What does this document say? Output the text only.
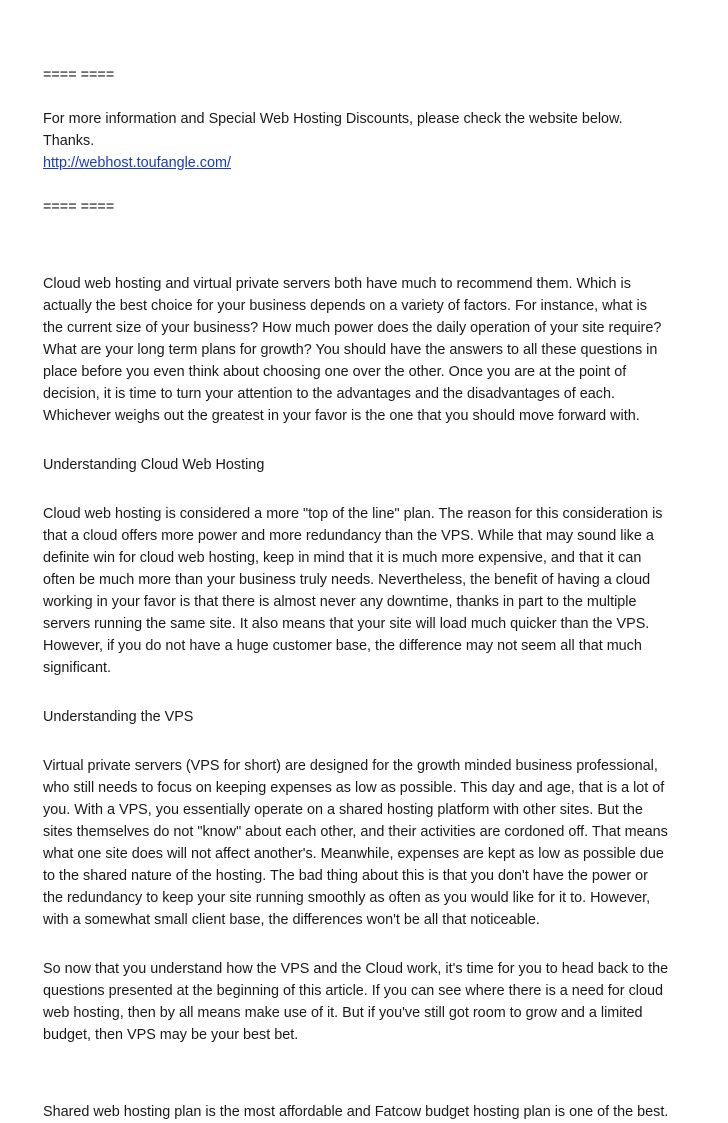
==== ====

For more information and Special Web Hosting Discounts, please check the website below.

Thanks.

http://webhost.toufangle.com/

==== ====

Cloud web hosting and virtual private servers both have much to recommend them. Which is

actually the best choice for your business depends on a variety of factors. For instance, what is

the current size of your business? How much power does the daily operation of your site require?

What are your long term plans for growth? You should have the answers to all these questions in

place before you even think about choosing one over the other. Once you are at the point of

decision, it is time to turn your attention to the advantages and the disadvantages of each.

Whichever weighs out the greatest in your favor is the one that you should move forward with.

Understanding Cloud Web Hosting

Cloud web hosting is considered a more "top of the line" plan. The reason for this consideration is

that a cloud offers more power and more redundancy than the VPS. While that may sound like a

definite win for cloud web hosting, keep in mind that it is much more expensive, and that it can

often be much more than your business truly needs. Nevertheless, the benefit of having a cloud

working in your favor is that there is almost never any downtime, thanks in part to the multiple

servers running the same site. It also means that your site will load much quicker than the VPS.

However, if you do not have a huge customer base, the difference may not seem all that much

significant.

Understanding the VPS

Virtual private servers (VPS for short) are designed for the growth minded business professional,

who still needs to focus on keeping expenses as low as possible. This day and age, that is a lot of

you. With a VPS, you essentially operate on a shared hosting platform with other sites. But the

sites themselves do not "know" about each other, and their activities are cordoned off. That means

what one site does will not affect another's. Meanwhile, expenses are kept as low as possible due

to the shared nature of the hosting. The bad thing about this is that you don't have the power or

the redundancy to keep your site running smoothly as often as you would like for it to. However,

with a somewhat small client base, the differences won't be all that noticeable.

So now that you understand how the VPS and the Cloud work, it's time for you to head back to the

questions presented at the beginning of this article. If you can see where there is a need for cloud

web hosting, then by all means make use of it. But if you've still got room to grow and a limited

budget, then VPS may be your best bet.

Shared web hosting plan is the most affordable and Fatcow budget hosting plan is one of the best.
